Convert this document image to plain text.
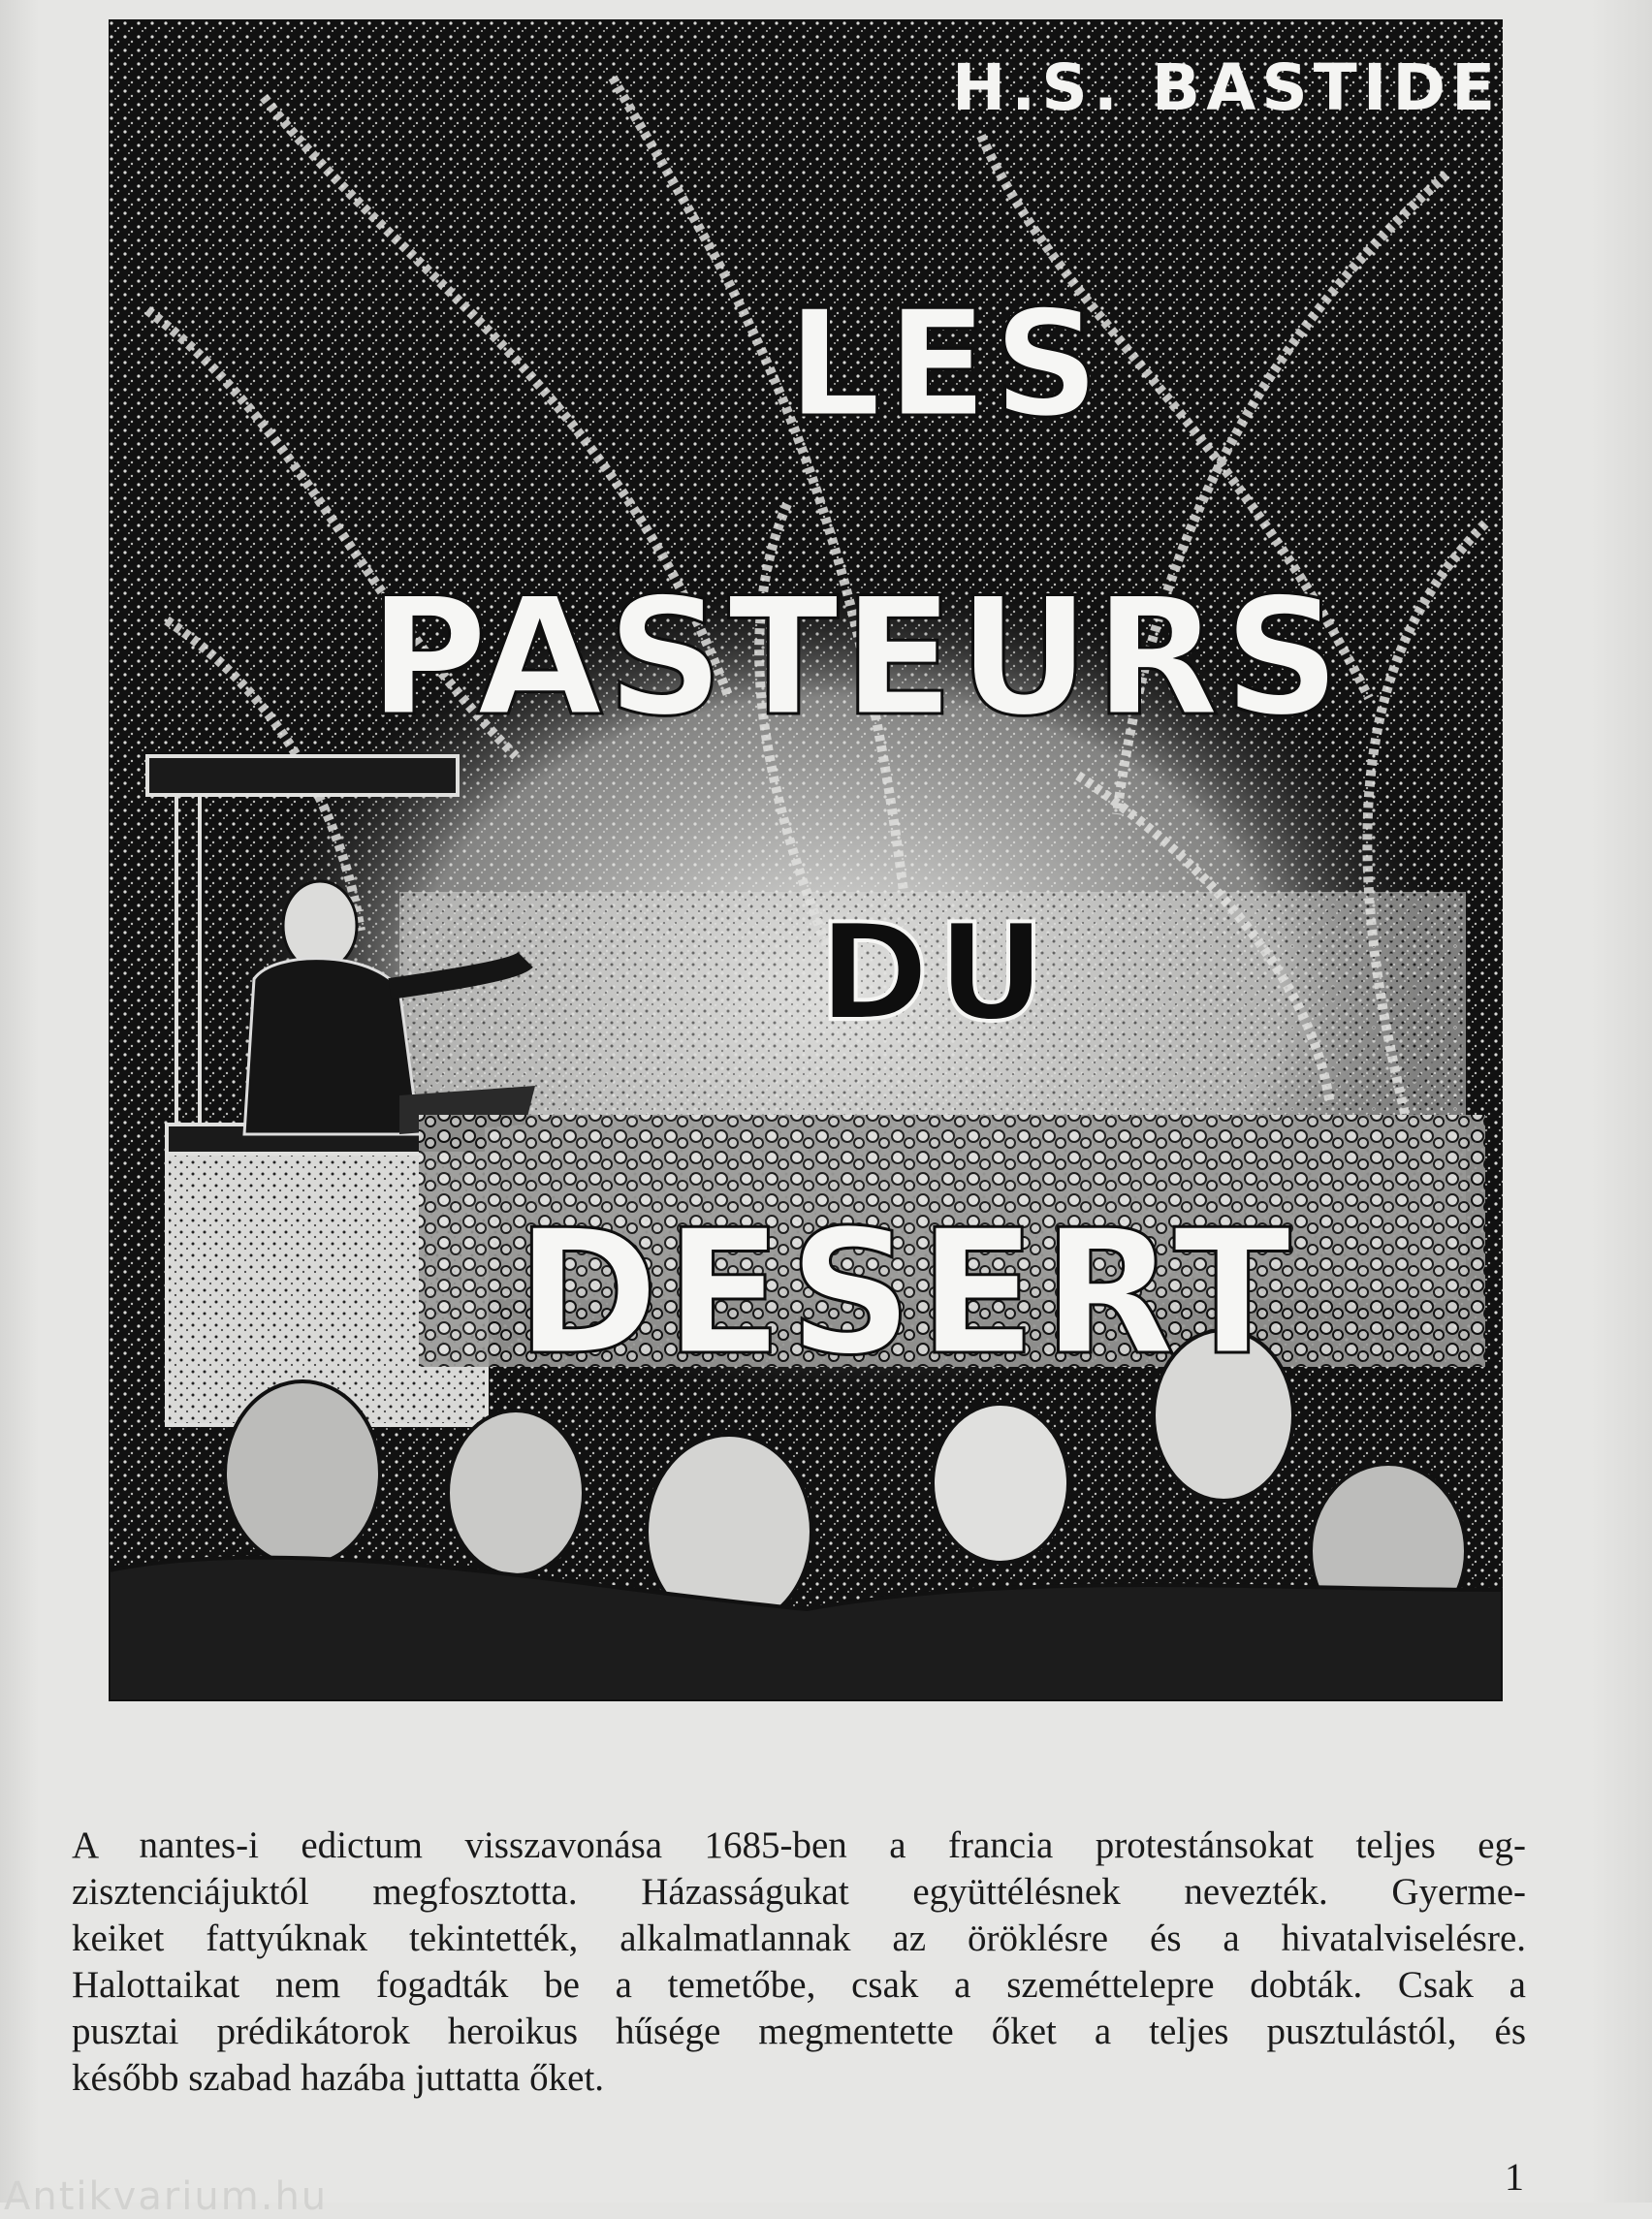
H.S. BASTIDE
LES
PASTEURS
DU
DESERT
A nantes-i edictum visszavonása 1685-ben a francia protestánsokat teljes eg-
zisztenciájuktól megfosztotta. Házasságukat együttélésnek nevezték. Gyerme-
keiket fattyúknak tekintették, alkalmatlannak az öröklésre és a hivatalviselésre.
Halottaikat nem fogadták be a temetőbe, csak a szeméttelepre dobták. Csak a
pusztai prédikátorok heroikus hűsége megmentette őket a teljes pusztulástól, és
később szabad hazába juttatta őket.
1
Antikvarium.hu
